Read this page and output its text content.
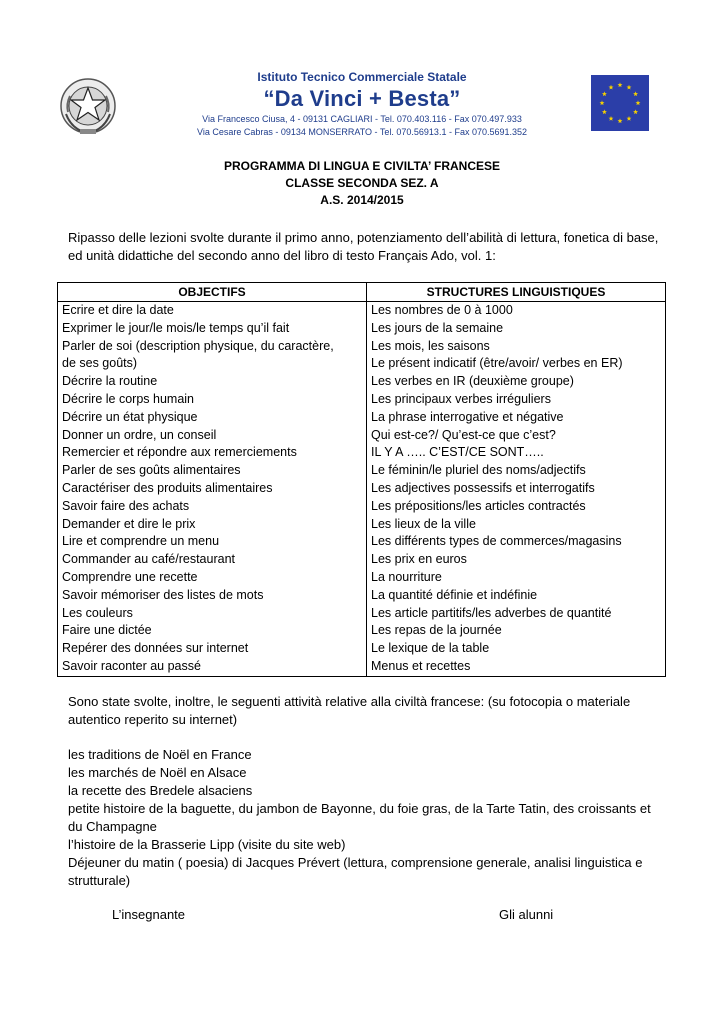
Istituto Tecnico Commerciale Statale
“Da Vinci + Besta”
Via Francesco Ciusa, 4 - 09131 CAGLIARI - Tel. 070.403.116 - Fax 070.497.933
Via Cesare Cabras - 09134 MONSERRATO - Tel. 070.56913.1 - Fax 070.5691.352
PROGRAMMA DI LINGUA E CIVILTA’ FRANCESE
CLASSE SECONDA SEZ. A
A.S. 2014/2015
Ripasso delle lezioni svolte durante il primo anno, potenziamento dell’abilità di lettura, fonetica di base, ed unità didattiche del secondo anno del libro di testo Français Ado, vol. 1:
OBJECTIFS	STRUCTURES LINGUISTIQUES
Ecrire et dire la date	Les nombres de 0 à 1000
Exprimer le jour/le mois/le temps qu’il fait	Les jours de la semaine
Parler de soi (description physique, du caractère,	Les mois, les saisons
de ses goûts)	Le présent indicatif (être/avoir/ verbes en ER)
Décrire la routine	Les verbes en IR (deuxième groupe)
Décrire le corps humain	Les principaux verbes irréguliers
Décrire un état physique	La phrase interrogative et négative
Donner un ordre, un conseil	Qui est-ce?/ Qu’est-ce que c’est?
Remercier et répondre aux remerciements	IL Y A ….. C’EST/CE SONT…..
Parler de ses goûts alimentaires	Le féminin/le pluriel des noms/adjectifs
Caractériser des produits alimentaires	Les adjectives possessifs et interrogatifs
Savoir faire des achats	Les prépositions/les articles contractés
Demander et dire le prix	Les lieux de la ville
Lire et comprendre un menu	Les différents types de commerces/magasins
Commander au café/restaurant	Les prix en euros
Comprendre une recette	La nourriture
Savoir mémoriser des listes de mots	La quantité définie et indéfinie
Les couleurs	Les article partitifs/les adverbes de quantité
Faire une dictée	Les repas de la journée
Repérer des données sur internet	Le lexique de la table
Savoir raconter au passé	Menus et recettes
Sono state svolte, inoltre, le seguenti attività relative alla civiltà francese: (su fotocopia o materiale autentico reperito su internet)
les traditions de Noël en France
les marchés de Noël en Alsace
la recette des Bredele alsaciens
petite histoire de la baguette, du jambon de Bayonne, du foie gras, de la Tarte Tatin, des croissants et du Champagne
l’histoire de la Brasserie Lipp (visite du site web)
Déjeuner du matin ( poesia) di Jacques Prévert (lettura, comprensione generale, analisi linguistica e strutturale)
L’insegnante	Gli alunni
